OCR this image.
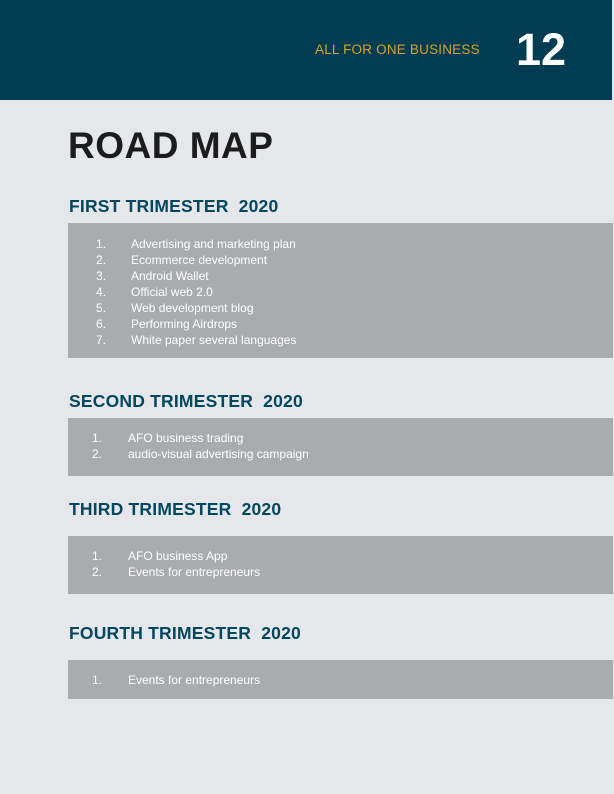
ALL FOR ONE BUSINESS 12
ROAD MAP
FIRST TRIMESTER  2020
1. Advertising and marketing plan
2. Ecommerce development
3. Android Wallet
4. Official web 2.0
5. Web development blog
6. Performing Airdrops
7. White paper several languages
SECOND TRIMESTER  2020
1. AFO business trading
2. audio-visual advertising campaign
THIRD TRIMESTER  2020
1. AFO business App
2. Events for entrepreneurs
FOURTH TRIMESTER  2020
1. Events for entrepreneurs
